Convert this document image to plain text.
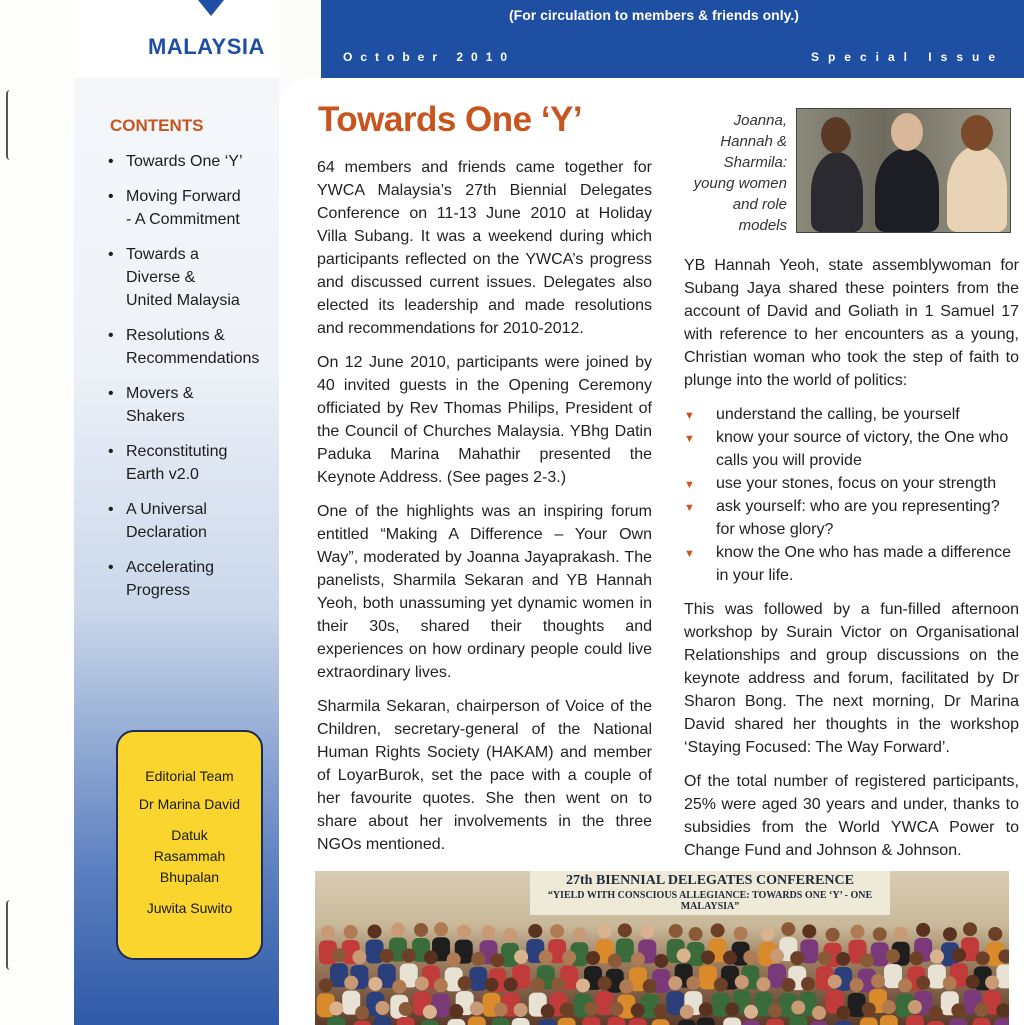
MALAYSIA
CONTENTS
• Towards One ‘Y’
• Moving Forward
- A Commitment
• Towards a
Diverse &
United Malaysia
• Resolutions &
Recommendations
• Movers &
Shakers
• Reconstituting
Earth v2.0
• A Universal
Declaration
• Accelerating
Progress
Editorial Team
Dr Marina David
Datuk
Rasammah
Bhupalan
Juwita Suwito
(For circulation to members & friends only.)
October 2010	Special Issue
Towards One ‘Y’

64 members and friends came together for YWCA Malaysia’s 27th Biennial Delegates Conference on 11-13 June 2010 at Holiday Villa Subang. It was a weekend during which participants reflected on the YWCA’s progress and discussed current issues. Delegates also elected its leadership and made resolutions and recommendations for 2010-2012.

On 12 June 2010, participants were joined by 40 invited guests in the Opening Ceremony officiated by Rev Thomas Philips, President of the Council of Churches Malaysia. YBhg Datin Paduka Marina Mahathir presented the Keynote Address. (See pages 2-3.)

One of the highlights was an inspiring forum entitled “Making A Difference – Your Own Way”, moderated by Joanna Jayaprakash. The panelists, Sharmila Sekaran and YB Hannah Yeoh, both unassuming yet dynamic women in their 30s, shared their thoughts and experiences on how ordinary people could live extraordinary lives.

Sharmila Sekaran, chairperson of Voice of the Children, secretary-general of the National Human Rights Society (HAKAM) and member of LoyarBurok, set the pace with a couple of her favourite quotes. She then went on to share about her involvements in the three NGOs mentioned.

Joanna,
Hannah &
Sharmila:
young women
and role
models

YB Hannah Yeoh, state assemblywoman for Subang Jaya shared these pointers from the account of David and Goliath in 1 Samuel 17 with reference to her encounters as a young, Christian woman who took the step of faith to plunge into the world of politics:

▼ understand the calling, be yourself
▼ know your source of victory, the One who calls you will provide
▼ use your stones, focus on your strength
▼ ask yourself: who are you representing? for whose glory?
▼ know the One who has made a difference in your life.

This was followed by a fun-filled afternoon workshop by Surain Victor on Organisational Relationships and group discussions on the keynote address and forum, facilitated by Dr Sharon Bong. The next morning, Dr Marina David shared her thoughts in the workshop ‘Staying Focused: The Way Forward’.

Of the total number of registered participants, 25% were aged 30 years and under, thanks to subsidies from the World YWCA Power to Change Fund and Johnson & Johnson.

27th BIENNIAL DELEGATES CONFERENCE
“YIELD WITH CONSCIOUS ALLEGIANCE: TOWARDS ONE ‘Y’ - ONE MALAYSIA”
